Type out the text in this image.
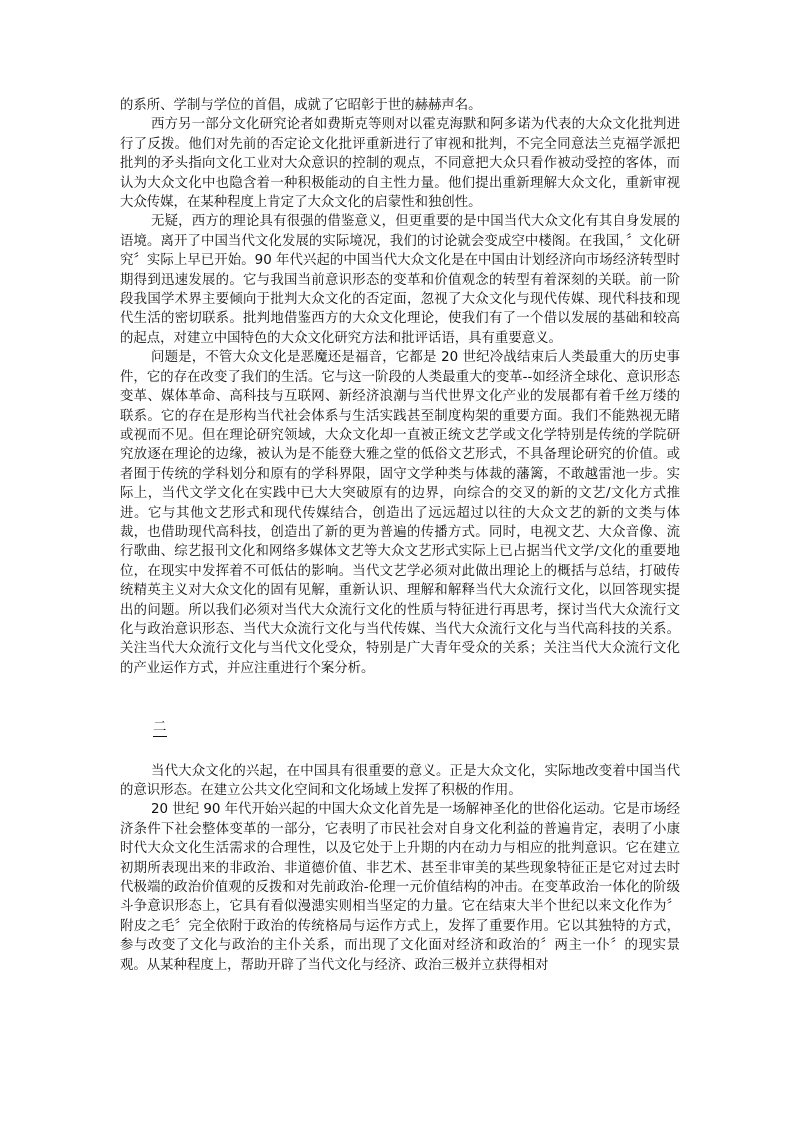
的系所、学制与学位的首倡，成就了它昭彰于世的赫赫声名。

西方另一部分文化研究论者如费斯克等则对以霍克海默和阿多诺为代表的大众文化批判进行了反拨。他们对先前的否定论文化批评重新进行了审视和批判，不完全同意法兰克福学派把批判的矛头指向文化工业对大众意识的控制的观点，不同意把大众只看作被动受控的客体，而认为大众文化中也隐含着一种积极能动的自主性力量。他们提出重新理解大众文化，重新审视大众传媒，在某种程度上肯定了大众文化的启蒙性和独创性。

无疑，西方的理论具有很强的借鉴意义，但更重要的是中国当代大众文化有其自身发展的语境。离开了中国当代文化发展的实际境况，我们的讨论就会变成空中楼阁。在我国，〞文化研究〞实际上早已开始。90 年代兴起的中国当代大众文化是在中国由计划经济向市场经济转型时期得到迅速发展的。它与我国当前意识形态的变革和价值观念的转型有着深刻的关联。前一阶段我国学术界主要倾向于批判大众文化的否定面，忽视了大众文化与现代传媒、现代科技和现代生活的密切联系。批判地借鉴西方的大众文化理论，使我们有了一个借以发展的基础和较高的起点，对建立中国特色的大众文化研究方法和批评话语，具有重要意义。

问题是，不管大众文化是恶魔还是福音，它都是 20 世纪冷战结束后人类最重大的历史事件，它的存在改变了我们的生活。它与这一阶段的人类最重大的变革--如经济全球化、意识形态变革、媒体革命、高科技与互联网、新经济浪潮与当代世界文化产业的发展都有着千丝万缕的联系。它的存在是形构当代社会体系与生活实践甚至制度构架的重要方面。我们不能熟视无睹或视而不见。但在理论研究领域，大众文化却一直被正统文艺学或文化学特别是传统的学院研究放逐在理论的边缘，被认为是不能登大雅之堂的低俗文艺形式，不具备理论研究的价值。或者囿于传统的学科划分和原有的学科界限，固守文学种类与体裁的藩篱，不敢越雷池一步。实际上，当代文学文化在实践中已大大突破原有的边界，向综合的交叉的新的文艺/文化方式推进。它与其他文艺形式和现代传媒结合，创造出了远远超过以往的大众文艺的新的文类与体裁，也借助现代高科技，创造出了新的更为普遍的传播方式。同时，电视文艺、大众音像、流行歌曲、综艺报刊文化和网络多媒体文艺等大众文艺形式实际上已占据当代文学/文化的重要地位，在现实中发挥着不可低估的影响。当代文艺学必须对此做出理论上的概括与总结，打破传统精英主义对大众文化的固有见解，重新认识、理解和解释当代大众流行文化，以回答现实提出的问题。所以我们必须对当代大众流行文化的性质与特征进行再思考，探讨当代大众流行文化与政治意识形态、当代大众流行文化与当代传媒、当代大众流行文化与当代高科技的关系。关注当代大众流行文化与当代文化受众，特别是广大青年受众的关系；关注当代大众流行文化的产业运作方式，并应注重进行个案分析。

二

当代大众文化的兴起，在中国具有很重要的意义。正是大众文化，实际地改变着中国当代的意识形态。在建立公共文化空间和文化场域上发挥了积极的作用。

20 世纪 90 年代开始兴起的中国大众文化首先是一场解神圣化的世俗化运动。它是市场经济条件下社会整体变革的一部分，它表明了市民社会对自身文化利益的普遍肯定，表明了小康时代大众文化生活需求的合理性，以及它处于上升期的内在动力与相应的批判意识。它在建立初期所表现出来的非政治、非道德价值、非艺术、甚至非审美的某些现象特征正是它对过去时代极端的政治价值观的反拨和对先前政治-伦理一元价值结构的冲击。在变革政治一体化的阶级斗争意识形态上，它具有看似漫漶实则相当坚定的力量。它在结束大半个世纪以来文化作为〞附皮之毛〞完全依附于政治的传统格局与运作方式上，发挥了重要作用。它以其独特的方式，参与改变了文化与政治的主仆关系，而出现了文化面对经济和政治的〞两主一仆〞的现实景观。从某种程度上，帮助开辟了当代文化与经济、政治三极并立获得相对
